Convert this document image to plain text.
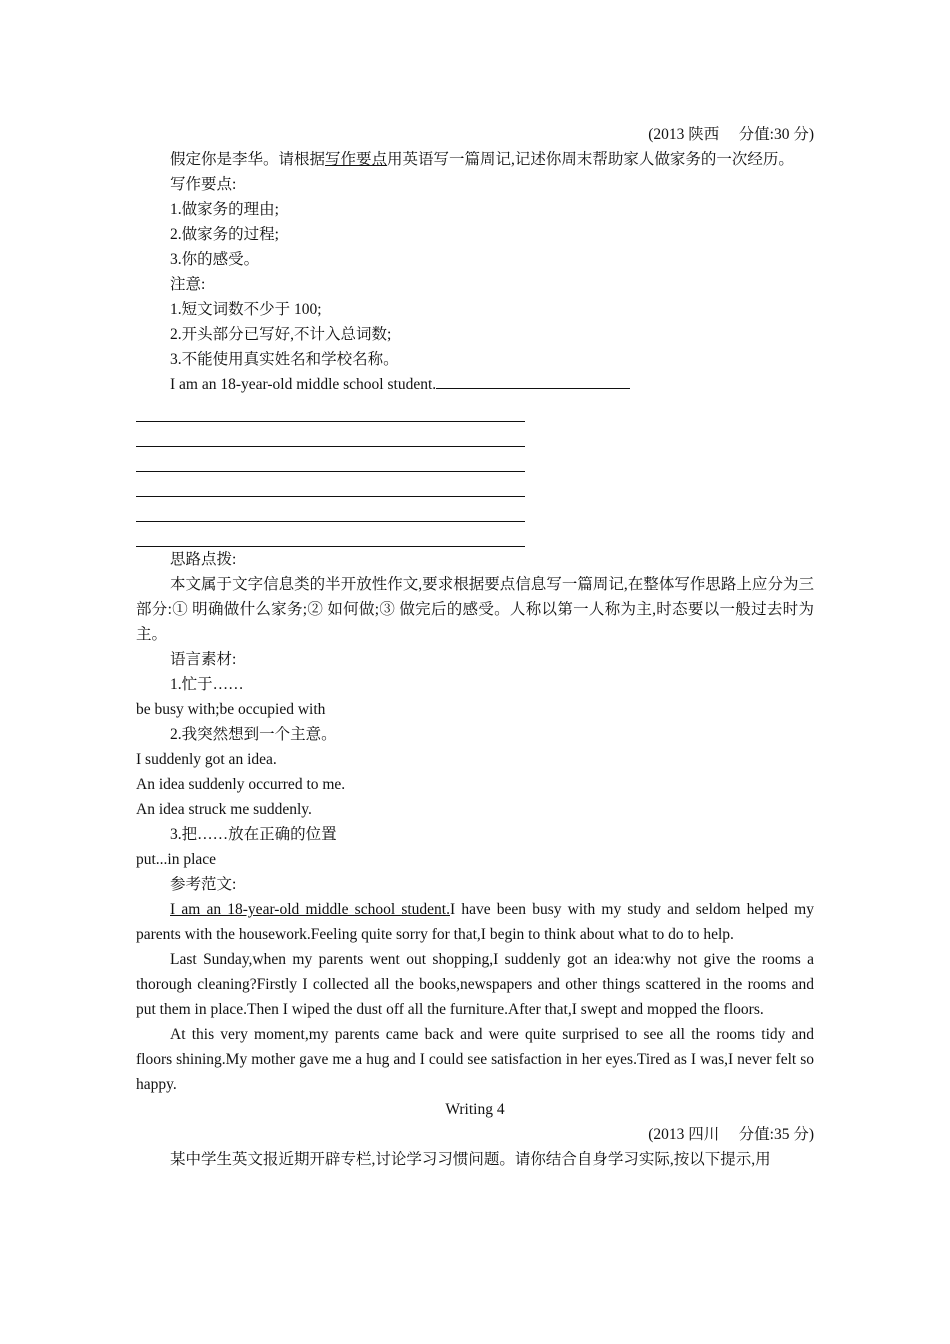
(2013 陕西　 分值:30 分)

假定你是李华。请根据写作要点用英语写一篇周记,记述你周末帮助家人做家务的一次经历。

写作要点:

1.做家务的理由;

2.做家务的过程;

3.你的感受。

注意:

1.短文词数不少于 100;

2.开头部分已写好,不计入总词数;

3.不能使用真实姓名和学校名称。

I am an 18-year-old middle school student.

思路点拨:

本文属于文字信息类的半开放性作文,要求根据要点信息写一篇周记,在整体写作思路上应分为三部分:① 明确做什么家务;② 如何做;③ 做完后的感受。人称以第一人称为主,时态要以一般过去时为主。

语言素材:

1.忙于……

be busy with;be occupied with

2.我突然想到一个主意。

I suddenly got an idea.

An idea suddenly occurred to me.

An idea struck me suddenly.

3.把……放在正确的位置

put...in place

参考范文:

I am an 18-year-old middle school student.I have been busy with my study and seldom helped my parents with the housework.Feeling quite sorry for that,I begin to think about what to do to help.

Last Sunday,when my parents went out shopping,I suddenly got an idea:why not give the rooms a thorough cleaning?Firstly I collected all the books,newspapers and other things scattered in the rooms and put them in place.Then I wiped the dust off all the furniture.After that,I swept and mopped the floors.

At this very moment,my parents came back and were quite surprised to see all the rooms tidy and floors shining.My mother gave me a hug and I could see satisfaction in her eyes.Tired as I was,I never felt so happy.

Writing 4

(2013 四川　 分值:35 分)

某中学生英文报近期开辟专栏,讨论学习习惯问题。请你结合自身学习实际,按以下提示,用
